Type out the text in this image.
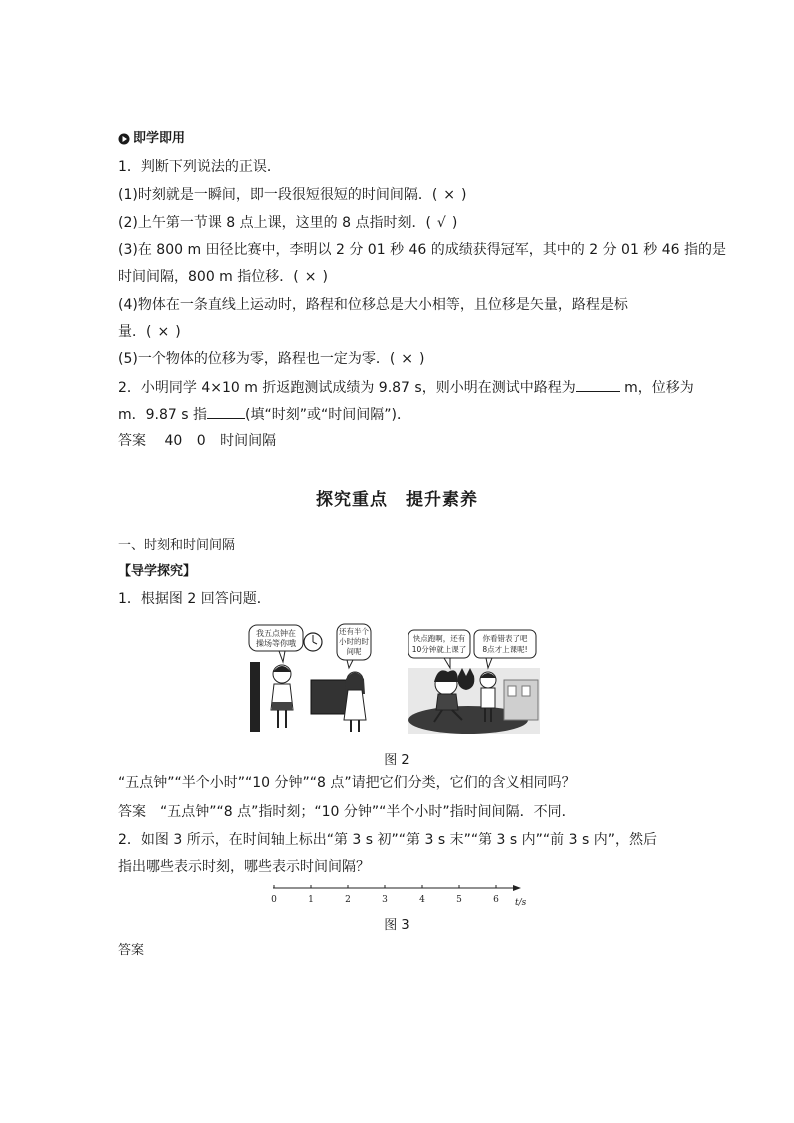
即学即用
1．判断下列说法的正误．
(1)时刻就是一瞬间，即一段很短很短的时间间隔．( × )
(2)上午第一节课 8 点上课，这里的 8 点指时刻．( √ )
(3)在 800 m 田径比赛中，李明以 2 分 01 秒 46 的成绩获得冠军，其中的 2 分 01 秒 46 指的是
时间间隔，800 m 指位移．( × )
(4)物体在一条直线上运动时，路程和位移总是大小相等，且位移是矢量，路程是标
量．( × )
(5)一个物体的位移为零，路程也一定为零．( × )
2．小明同学 4×10 m 折返跑测试成绩为 9.87 s，则小明在测试中路程为	m，位移为
m．9.87 s 指	(填“时刻”或“时间间隔”)．
答案 40 0 时间间隔
探究重点　提升素养
一、时刻和时间间隔
【导学探究】
1．根据图 2 回答问题．
我五点钟在
操场等你哦
还有半个
小时的时
间呢
快点跑啊，还有
10分钟就上课了
你看错表了吧
8点才上课呢!
图 2
“五点钟”“半个小时”“10 分钟”“8 点”请把它们分类，它们的含义相同吗？
答案 “五点钟”“8 点”指时刻；“10 分钟”“半个小时”指时间间隔．不同．
2．如图 3 所示，在时间轴上标出“第 3 s 初”“第 3 s 末”“第 3 s 内”“前 3 s 内”，然后
指出哪些表示时刻，哪些表示时间间隔？
t/s
0	1	2	3	4	5	6
图 3
答案
